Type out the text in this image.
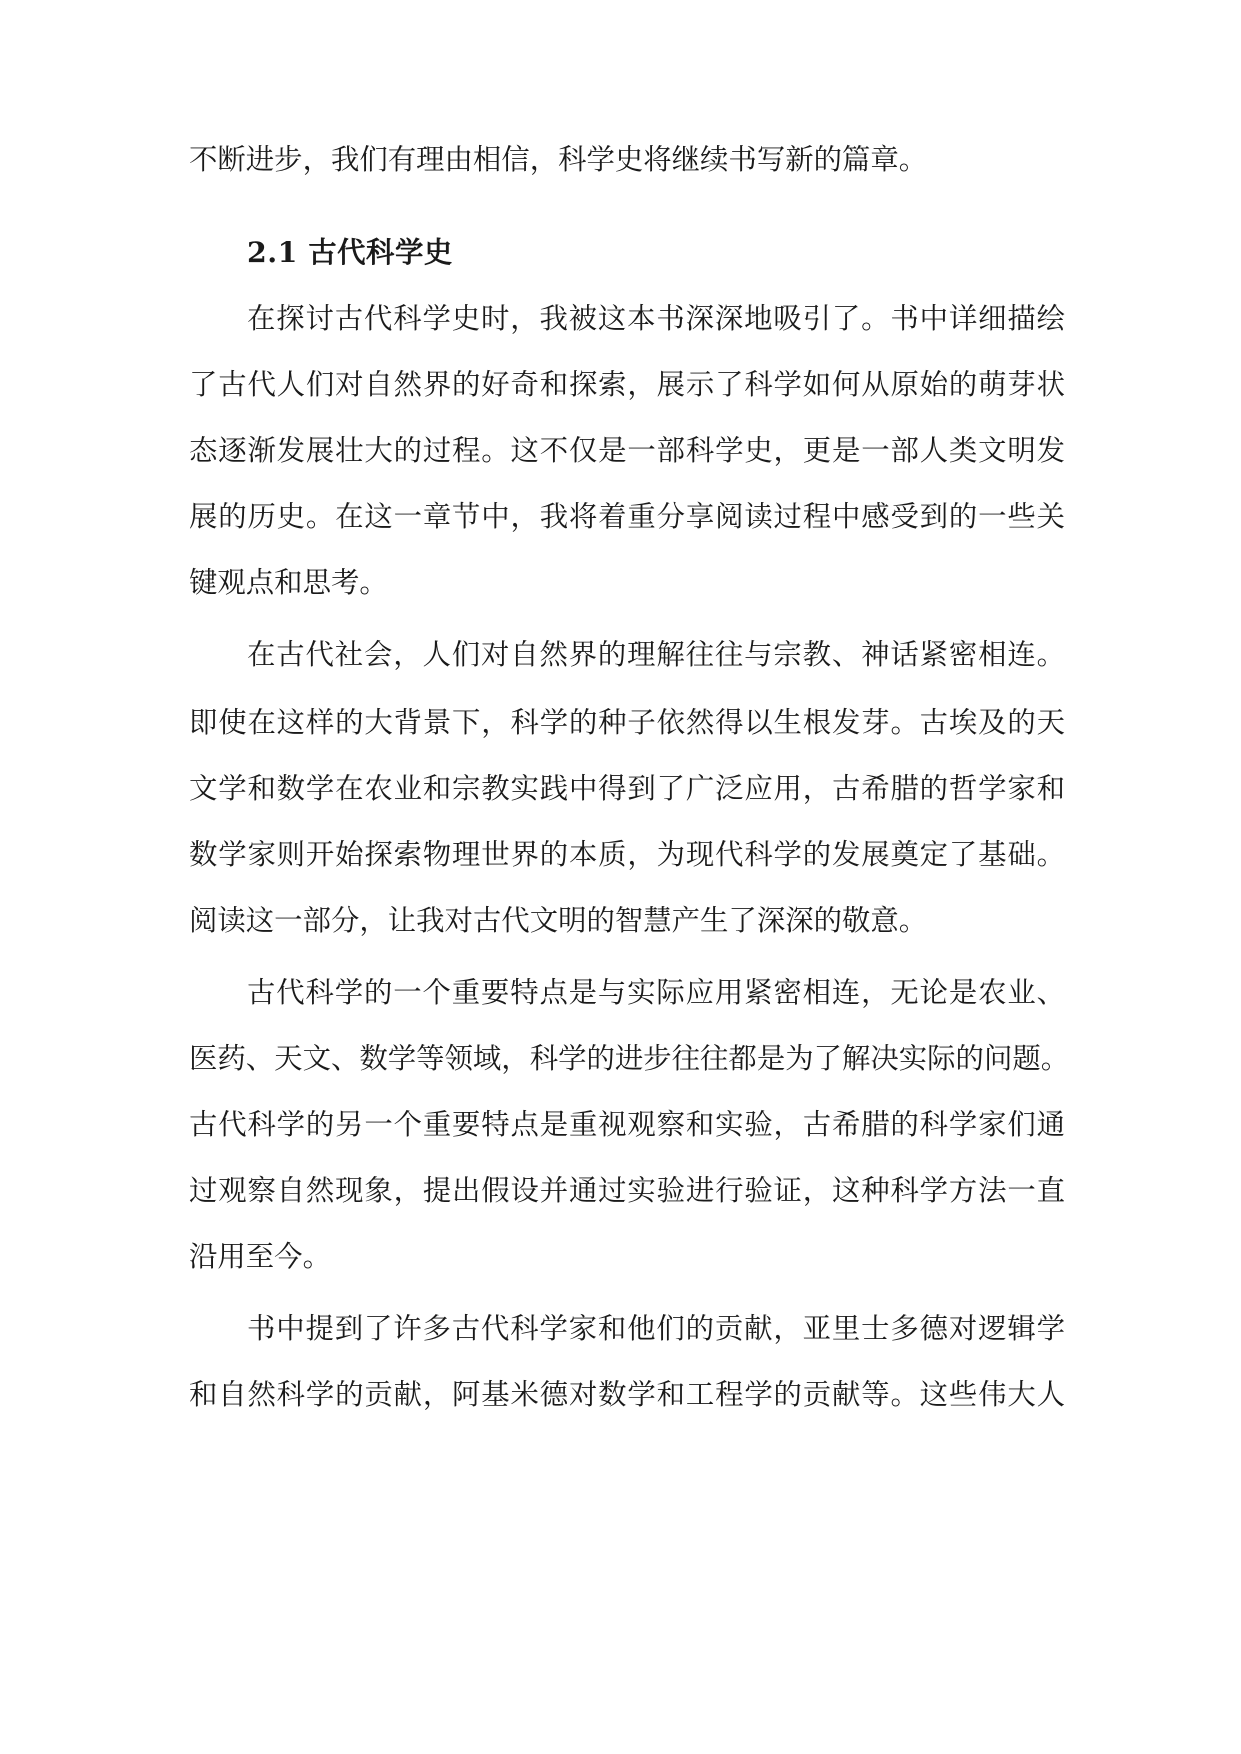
不断进步，我们有理由相信，科学史将继续书写新的篇章。
2.1 古代科学史
在探讨古代科学史时，我被这本书深深地吸引了。书中详细描绘
了古代人们对自然界的好奇和探索，展示了科学如何从原始的萌芽状
态逐渐发展壮大的过程。这不仅是一部科学史，更是一部人类文明发
展的历史。在这一章节中，我将着重分享阅读过程中感受到的一些关
键观点和思考。
在古代社会，人们对自然界的理解往往与宗教、神话紧密相连。
即使在这样的大背景下，科学的种子依然得以生根发芽。古埃及的天
文学和数学在农业和宗教实践中得到了广泛应用，古希腊的哲学家和
数学家则开始探索物理世界的本质，为现代科学的发展奠定了基础。
阅读这一部分，让我对古代文明的智慧产生了深深的敬意。
古代科学的一个重要特点是与实际应用紧密相连，无论是农业、
医药、天文、数学等领域，科学的进步往往都是为了解决实际的问题。
古代科学的另一个重要特点是重视观察和实验，古希腊的科学家们通
过观察自然现象，提出假设并通过实验进行验证，这种科学方法一直
沿用至今。
书中提到了许多古代科学家和他们的贡献，亚里士多德对逻辑学
和自然科学的贡献，阿基米德对数学和工程学的贡献等。这些伟大人
